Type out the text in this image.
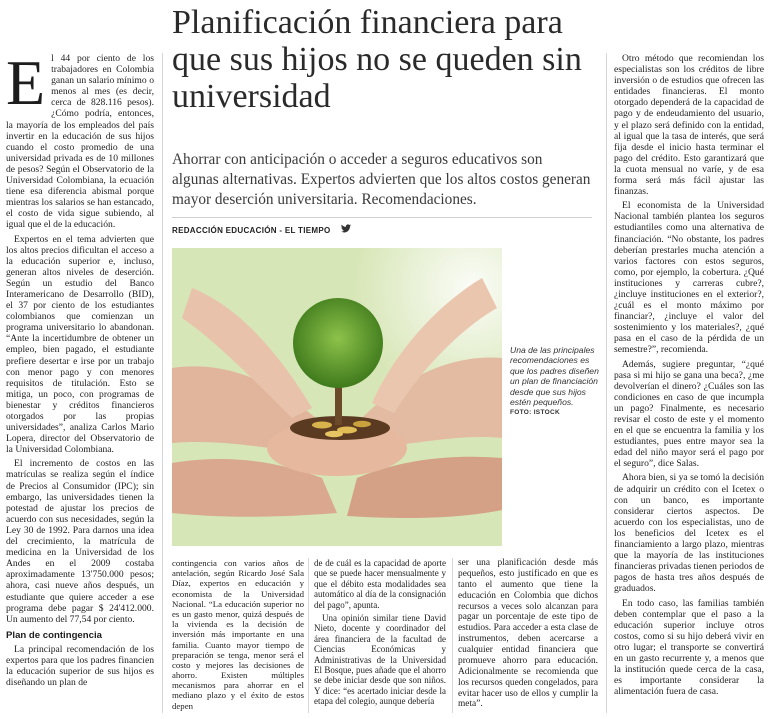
Planificación financiera para que sus hijos no se queden sin universidad
Ahorrar con anticipación o acceder a seguros educativos son algunas alternativas. Expertos advierten que los altos costos generan mayor deserción universitaria. Recomendaciones.
REDACCIÓN EDUCACIÓN - EL TIEMPO

El 44 por ciento de los trabajadores en Colombia ganan un salario mínimo o menos al mes (es decir, cerca de 828.116 pesos). ¿Cómo podría, entonces, la mayoría de los empleados del país invertir en la educación de sus hijos cuando el costo promedio de una universidad privada es de 10 millones de pesos? Según el Observatorio de la Universidad Colombiana, la ecuación tiene esa diferencia abismal porque mientras los salarios se han estancado, el costo de vida sigue subiendo, al igual que el de la educación.

Expertos en el tema advierten que los altos precios dificultan el acceso a la educación superior e, incluso, generan altos niveles de deserción. Según un estudio del Banco Interamericano de Desarrollo (BID), el 37 por ciento de los estudiantes colombianos que comienzan un programa universitario lo abandonan. “Ante la incertidumbre de obtener un empleo, bien pagado, el estudiante prefiere desertar e irse por un trabajo con menor pago y con menores requisitos de titulación. Esto se mitiga, un poco, con programas de bienestar y créditos financieros otorgados por las propias universidades”, analiza Carlos Mario Lopera, director del Observatorio de la Universidad Colombiana.

El incremento de costos en las matrículas se realiza según el índice de Precios al Consumidor (IPC); sin embargo, las universidades tienen la potestad de ajustar los precios de acuerdo con sus necesidades, según la Ley 30 de 1992. Para darnos una idea del crecimiento, la matrícula de medicina en la Universidad de los Andes en el 2009 costaba aproximadamente 13'750.000 pesos; ahora, casi nueve años después, un estudiante que quiere acceder a ese programa debe pagar $ 24'412.000. Un aumento del 77,54 por ciento.

Plan de contingencia

La principal recomendación de los expertos para que los padres financien la educación superior de sus hijos es diseñando un plan de

Una de las principales recomendaciones es que los padres diseñen un plan de financiación desde que sus hijos estén pequeños.
FOTO: ISTOCK

contingencia con varios años de antelación, según Ricardo José Sala Díaz, expertos en educación y economista de la Universidad Nacional. “La educación superior no es un gasto menor, quizá después de la vivienda es la decisión de inversión más importante en una familia. Cuanto mayor tiempo de preparación se tenga, menor será el costo y mejores las decisiones de ahorro. Existen múltiples mecanismos para ahorrar en el mediano plazo y el éxito de estos depen

de de cuál es la capacidad de aporte que se puede hacer mensualmente y que el débito esta modalidades sea automático al día de la consignación del pago”, apunta.

Una opinión similar tiene David Nieto, docente y coordinador del área financiera de la facultad de Ciencias Económicas y Administrativas de la Universidad El Bosque, pues añade que el ahorro se debe iniciar desde que son niños. Y dice: “es acertado iniciar desde la etapa del colegio, aunque debería

ser una planificación desde más pequeños, esto justificado en que es tanto el aumento que tiene la educación en Colombia que dichos recursos a veces solo alcanzan para pagar un porcentaje de este tipo de estudios. Para acceder a esta clase de instrumentos, deben acercarse a cualquier entidad financiera que promueve ahorro para educación. Adicionalmente se recomienda que los recursos queden congelados, para evitar hacer uso de ellos y cumplir la meta”.

Otro método que recomiendan los especialistas son los créditos de libre inversión o de estudios que ofrecen las entidades financieras. El monto otorgado dependerá de la capacidad de pago y de endeudamiento del usuario, y el plazo será definido con la entidad, al igual que la tasa de interés, que será fija desde el inicio hasta terminar el pago del crédito. Esto garantizará que la cuota mensual no varíe, y de esa forma será más fácil ajustar las finanzas.

El economista de la Universidad Nacional también plantea los seguros estudiantiles como una alternativa de financiación. “No obstante, los padres deberían prestarles mucha atención a varios factores con estos seguros, como, por ejemplo, la cobertura. ¿Qué instituciones y carreras cubre?, ¿incluye instituciones en el exterior?, ¿cuál es el monto máximo por financiar?, ¿incluye el valor del sostenimiento y los materiales?, ¿qué pasa en el caso de la pérdida de un semestre?”, recomienda.

Además, sugiere preguntar, “¿qué pasa si mi hijo se gana una beca?, ¿me devolverían el dinero? ¿Cuáles son las condiciones en caso de que incumpla un pago? Finalmente, es necesario revisar el costo de este y el momento en el que se encuentra la familia y los estudiantes, pues entre mayor sea la edad del niño mayor será el pago por el seguro”, dice Salas.

Ahora bien, si ya se tomó la decisión de adquirir un crédito con el Icetex o con un banco, es importante considerar ciertos aspectos. De acuerdo con los especialistas, uno de los beneficios del Icetex es el financiamiento a largo plazo, mientras que la mayoría de las instituciones financieras privadas tienen periodos de pagos de hasta tres años después de graduados.

En todo caso, las familias también deben contemplar que el paso a la educación superior incluye otros costos, como si su hijo deberá vivir en otro lugar; el transporte se convertirá en un gasto recurrente y, a menos que la institución quede cerca de la casa, es importante considerar la alimentación fuera de casa.
